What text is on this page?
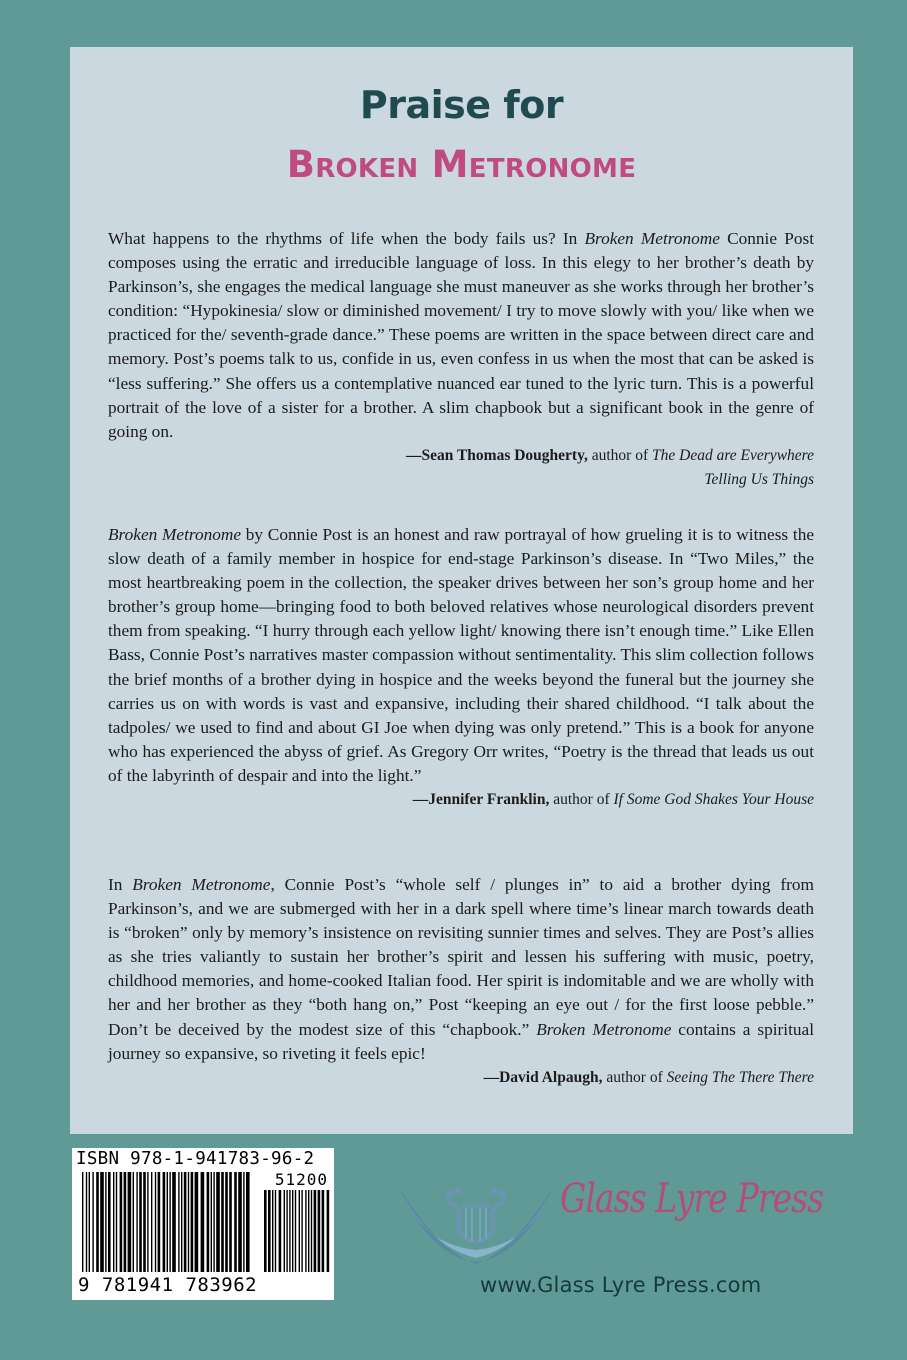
Praise for
Broken Metronome

What happens to the rhythms of life when the body fails us? In Broken Metronome Connie Post composes using the erratic and irreducible language of loss. In this elegy to her brother’s death by Parkinson’s, she engages the medical language she must maneuver as she works through her brother’s condition: “Hypokinesia/ slow or diminished movement/ I try to move slowly with you/ like when we practiced for the/ seventh-grade dance.” These poems are written in the space between direct care and memory. Post’s poems talk to us, confide in us, even confess in us when the most that can be asked is “less suffering.” She offers us a contemplative nuanced ear tuned to the lyric turn. This is a powerful portrait of the love of a sister for a brother. A slim chapbook but a significant book in the genre of going on.

—Sean Thomas Dougherty, author of The Dead are Everywhere
Telling Us Things

Broken Metronome by Connie Post is an honest and raw portrayal of how grueling it is to witness the slow death of a family member in hospice for end-stage Parkinson’s disease. In “Two Miles,” the most heartbreaking poem in the collection, the speaker drives between her son’s group home and her brother’s group home—bringing food to both beloved relatives whose neurological disorders prevent them from speaking. “I hurry through each yellow light/ knowing there isn’t enough time.” Like Ellen Bass, Connie Post’s narratives master compassion without sentimentality. This slim collection follows the brief months of a brother dying in hospice and the weeks beyond the funeral but the journey she carries us on with words is vast and expansive, including their shared childhood. “I talk about the tadpoles/ we used to find and about GI Joe when dying was only pretend.” This is a book for anyone who has experienced the abyss of grief. As Gregory Orr writes, “Poetry is the thread that leads us out of the labyrinth of despair and into the light.”

—Jennifer Franklin, author of If Some God Shakes Your House

In Broken Metronome, Connie Post’s “whole self / plunges in” to aid a brother dying from Parkinson’s, and we are submerged with her in a dark spell where time’s linear march towards death is “broken” only by memory’s insistence on revisiting sunnier times and selves. They are Post’s allies as she tries valiantly to sustain her brother’s spirit and lessen his suffering with music, poetry, childhood memories, and home-cooked Italian food. Her spirit is indomitable and we are wholly with her and her brother as they “both hang on,” Post “keeping an eye out / for the first loose pebble.” Don’t be deceived by the modest size of this “chapbook.” Broken Metronome contains a spiritual journey so expansive, so riveting it feels epic!

—David Alpaugh, author of Seeing The There There
ISBN 978-1-941783-96-2
51200
9 781941 783962
Glass Lyre Press
www.Glass Lyre Press.com
